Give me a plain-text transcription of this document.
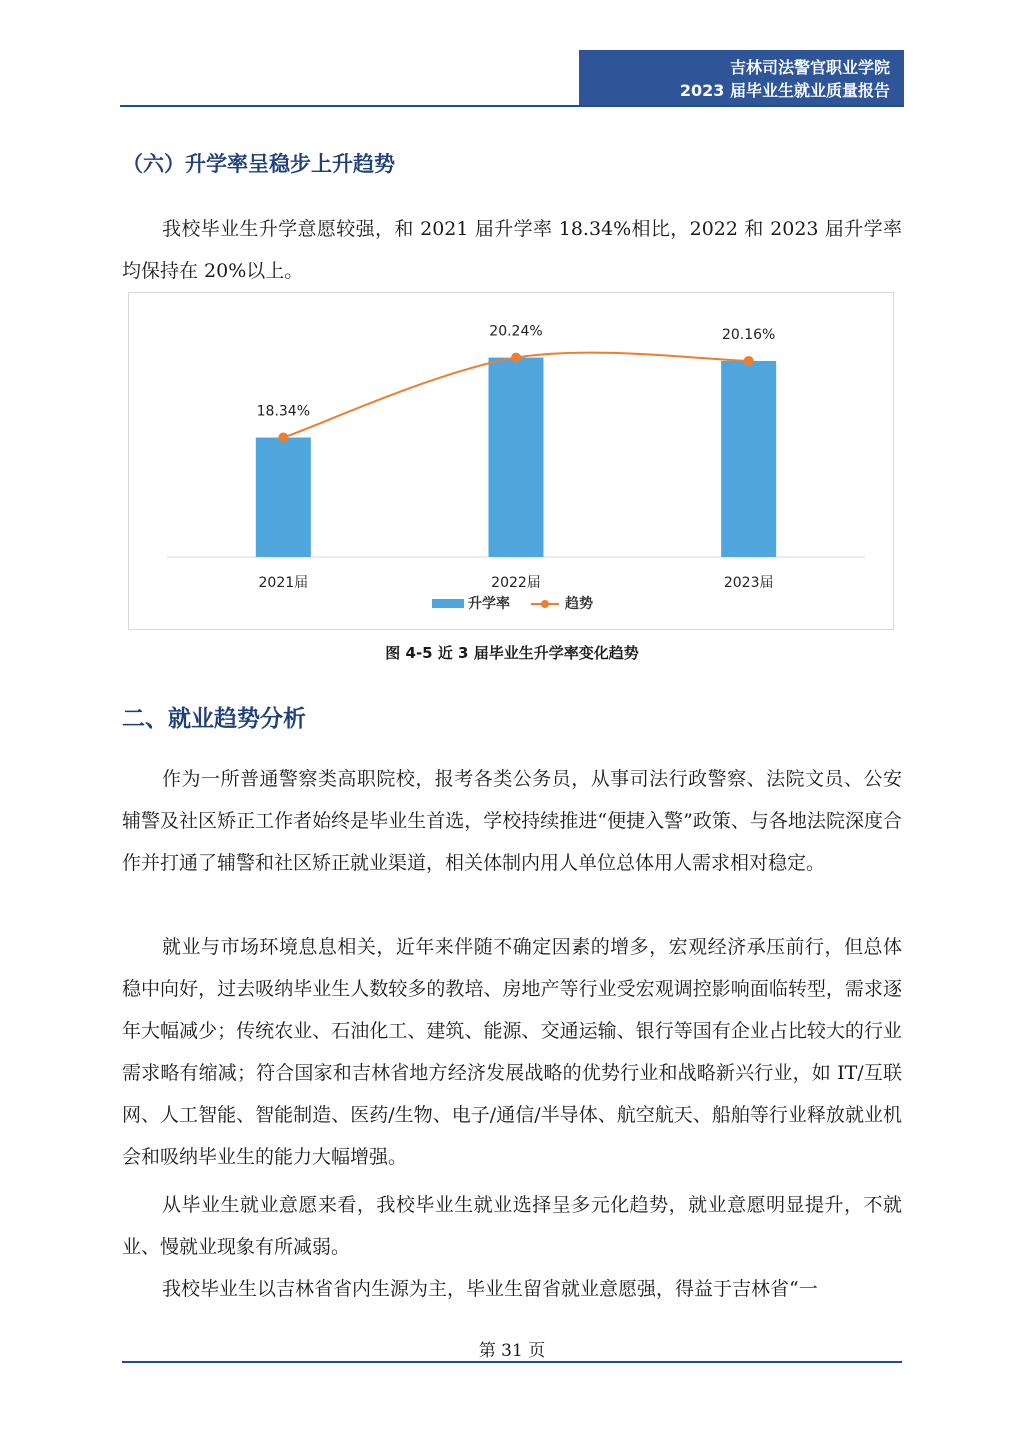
吉林司法警官职业学院
2023 届毕业生就业质量报告
（六）升学率呈稳步上升趋势

我校毕业生升学意愿较强，和 2021 届升学率 18.34%相比，2022 和 2023 届升学率均保持在 20%以上。

18.34%
20.24%	20.16%
2021届	2022届	2023届
升学率	趋势
图 4-5 近 3 届毕业生升学率变化趋势
二、就业趋势分析

作为一所普通警察类高职院校，报考各类公务员，从事司法行政警察、法院文员、公安辅警及社区矫正工作者始终是毕业生首选，学校持续推进“便捷入警”政策、与各地法院深度合作并打通了辅警和社区矫正就业渠道，相关体制内用人单位总体用人需求相对稳定。

就业与市场环境息息相关，近年来伴随不确定因素的增多，宏观经济承压前行，但总体稳中向好，过去吸纳毕业生人数较多的教培、房地产等行业受宏观调控影响面临转型，需求逐年大幅减少；传统农业、石油化工、建筑、能源、交通运输、银行等国有企业占比较大的行业需求略有缩减；符合国家和吉林省地方经济发展战略的优势行业和战略新兴行业，如 IT/互联网、人工智能、智能制造、医药/生物、电子/通信/半导体、航空航天、船舶等行业释放就业机会和吸纳毕业生的能力大幅增强。

从毕业生就业意愿来看，我校毕业生就业选择呈多元化趋势，就业意愿明显提升，不就业、慢就业现象有所减弱。

我校毕业生以吉林省省内生源为主，毕业生留省就业意愿强，得益于吉林省“一

第 31 页
